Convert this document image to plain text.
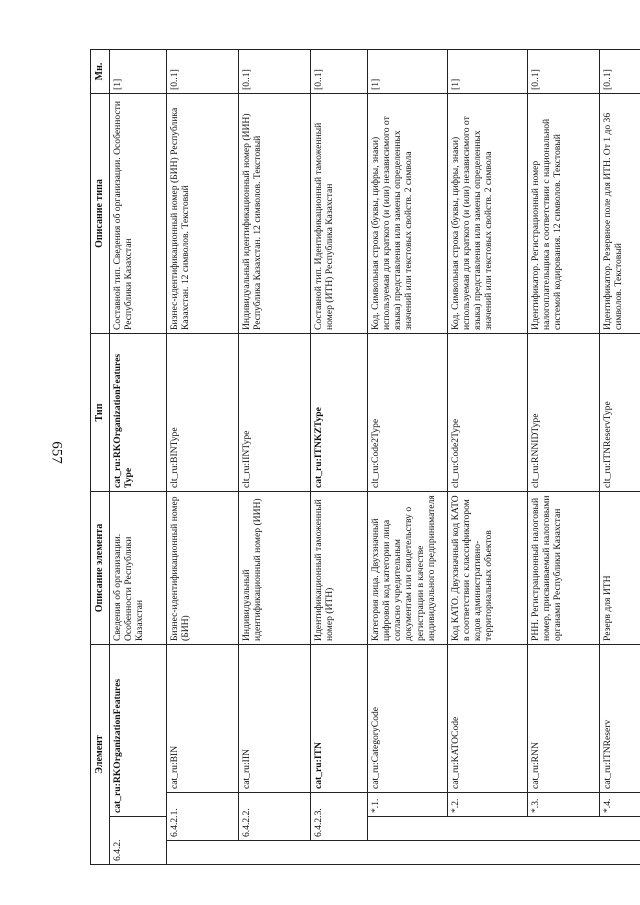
657
Элемент				Описание элемента	Тип	Описание типа	Мн.
6.4.2.		cat_ru:RKOrganizationFeatures		Сведения об организации. Особенности Республики Казахстан	cat_ru:RKOrganizationFeatures Type	Составной тип. Сведения об организации. Особенности Республики Казахстан	[1]
	6.4.2.1.		cat_ru:BIN	Бизнес-идентификационный номер (БИН)	clt_ru:BINType	Бизнес-идентификационный номер (БИН) Республика Казахстан. 12 символов. Текстовый	[0..1]
	6.4.2.2.		cat_ru:IIN	Индивидуальный идентификационный номер (ИИН)	clt_ru:IINType	Индивидуальный идентификационный номер (ИИН) Республика Казахстан. 12 символов. Текстовый	[0..1]
	6.4.2.3.		cat_ru:ITN	Идентификационный таможенный номер (ИТН)	cat_ru:ITNKZType	Составной тип. Идентификационный таможенный номер (ИТН) Республика Казахстан	[0..1]
		*.1.	cat_ru:CategoryCode	Категория лица. Двухзначный цифровой код категории лица согласно учредительным документам или свидетельству о регистрации в качестве индивидуального предпринимателя	clt_ru:Code2Type	Код. Символьная строка (буквы, цифры, знаки) используемая для краткого (и (или) независимого от языка) представления или замены определенных значений или текстовых свойств. 2 символа	[1]
		*.2.	cat_ru:KATOCode	Код КАТО. Двухзначный код КАТО в соответствии с классификатором кодов административно-территориальных объектов	clt_ru:Code2Type	Код. Символьная строка (буквы, цифры, знаки) используемая для краткого (и (или) независимого от языка) представления или замены определенных значений или текстовых свойств. 2 символа	[1]
		*.3.	cat_ru:RNN	РНН. Регистрационный налоговый номер, присваиваемый налоговыми органами Республики Казахстан	clt_ru:RNNIDType	Идентификатор. Регистрационный номер налогоплательщика в соответствии с национальной системой кодирования. 12 символов. Текстовый	[0..1]
		*.4.	cat_ru:ITNReserv	Резерв для ИТН	clt_ru:ITNReservType	Идентификатор. Резервное поле для ИТН. От 1 до 36 символов. Текстовый	[0..1]
